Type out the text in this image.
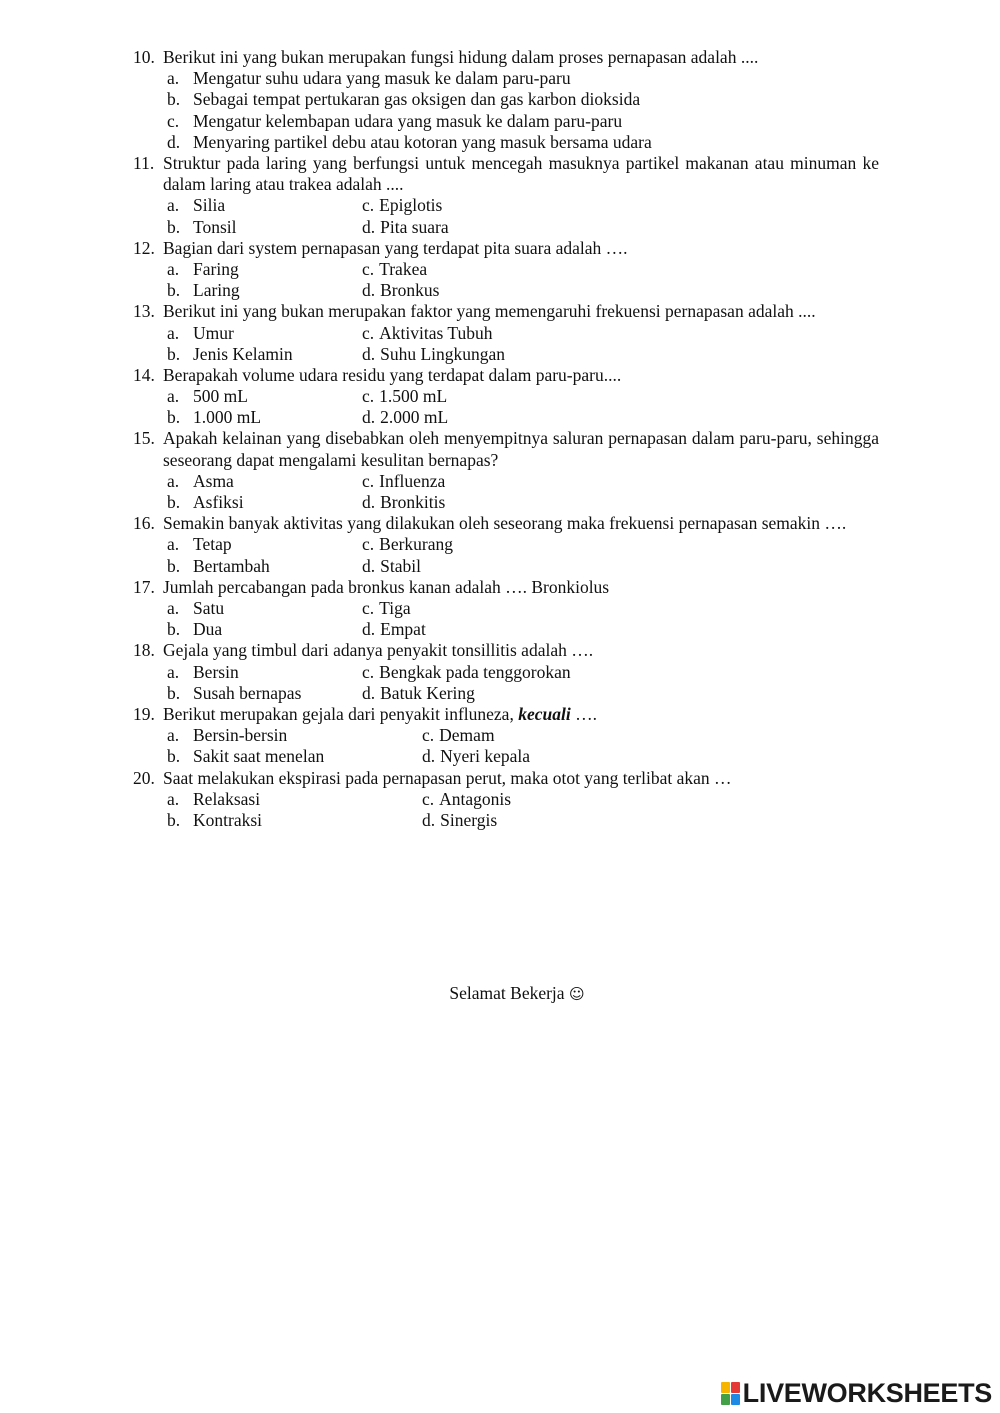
10. Berikut ini yang bukan merupakan fungsi hidung dalam proses pernapasan adalah ....
a. Mengatur suhu udara yang masuk ke dalam paru-paru
b. Sebagai tempat pertukaran gas oksigen dan gas karbon dioksida
c. Mengatur kelembapan udara yang masuk ke dalam paru-paru
d. Menyaring partikel debu atau kotoran yang masuk bersama udara
11. Struktur pada laring yang berfungsi untuk mencegah masuknya partikel makanan atau minuman ke dalam laring atau trakea adalah ....
a. Silia	c. Epiglotis
b. Tonsil	d. Pita suara
12. Bagian dari system pernapasan yang terdapat pita suara adalah ….
a. Faring	c. Trakea
b. Laring	d. Bronkus
13. Berikut ini yang bukan merupakan faktor yang memengaruhi frekuensi pernapasan adalah ....
a. Umur	c. Aktivitas Tubuh
b. Jenis Kelamin	d. Suhu Lingkungan
14. Berapakah volume udara residu yang terdapat dalam paru-paru....
a. 500 mL	c. 1.500 mL
b. 1.000 mL	d. 2.000 mL
15. Apakah kelainan yang disebabkan oleh menyempitnya saluran pernapasan dalam paru-paru, sehingga seseorang dapat mengalami kesulitan bernapas?
a. Asma	c. Influenza
b. Asfiksi	d. Bronkitis
16. Semakin banyak aktivitas yang dilakukan oleh seseorang maka frekuensi pernapasan semakin ….
a. Tetap	c. Berkurang
b. Bertambah	d. Stabil
17. Jumlah percabangan pada bronkus kanan adalah …. Bronkiolus
a. Satu	c. Tiga
b. Dua	d. Empat
18. Gejala yang timbul dari adanya penyakit tonsillitis adalah ….
a. Bersin	c. Bengkak pada tenggorokan
b. Susah bernapas	d. Batuk Kering
19. Berikut merupakan gejala dari penyakit influneza, kecuali ….
a. Bersin-bersin	c. Demam
b. Sakit saat menelan	d. Nyeri kepala
20. Saat melakukan ekspirasi pada pernapasan perut, maka otot yang terlibat akan …
a. Relaksasi	c. Antagonis
b. Kontraksi	d. Sinergis
Selamat Bekerja ☺
LIVEWORKSHEETS
